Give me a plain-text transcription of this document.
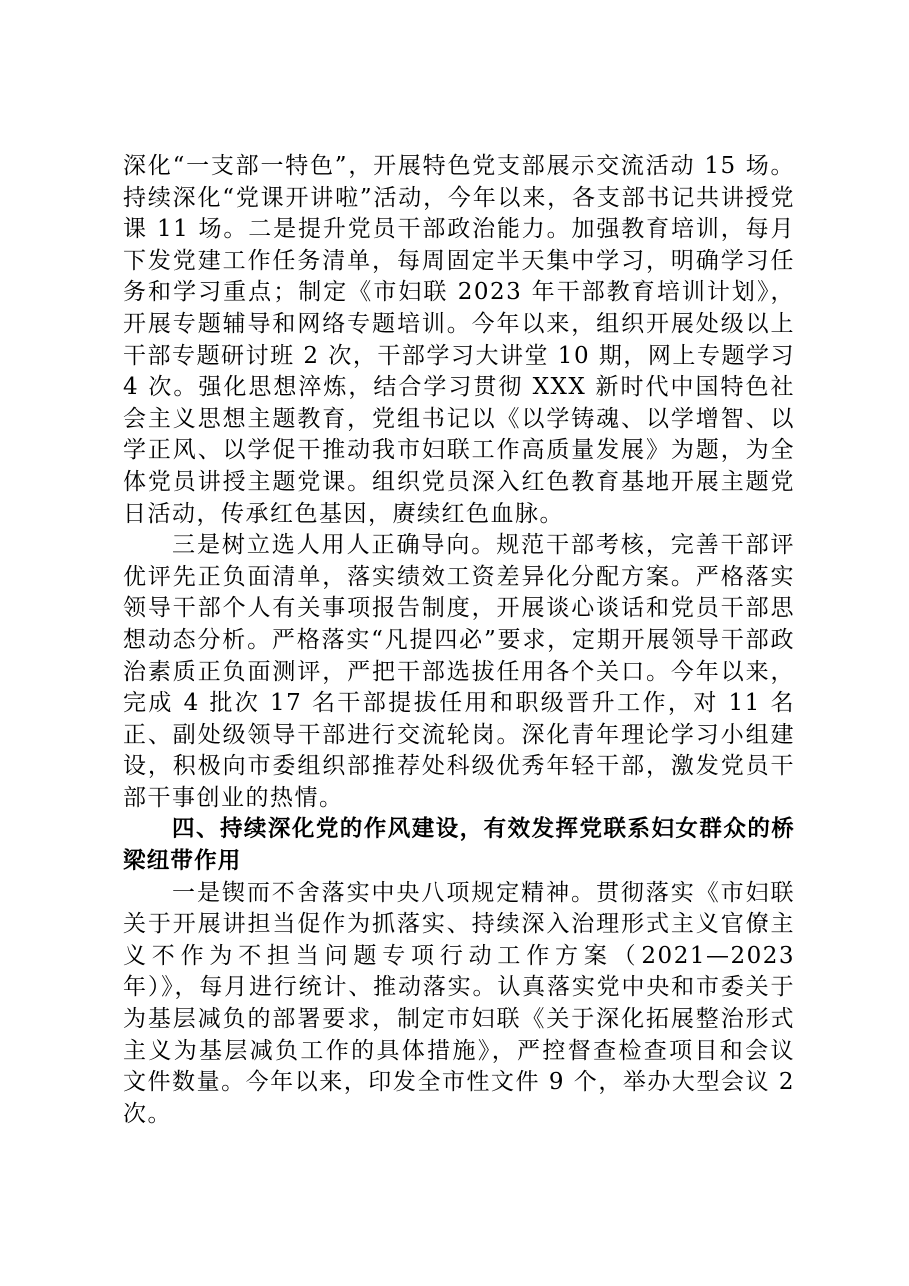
深化“一支部一特色”，开展特色党支部展示交流活动 15 场。持续深化“党课开讲啦”活动，今年以来，各支部书记共讲授党课 11 场。二是提升党员干部政治能力。加强教育培训，每月下发党建工作任务清单，每周固定半天集中学习，明确学习任务和学习重点；制定《市妇联 2023 年干部教育培训计划》，开展专题辅导和网络专题培训。今年以来，组织开展处级以上干部专题研讨班 2 次，干部学习大讲堂 10 期，网上专题学习 4 次。强化思想淬炼，结合学习贯彻 XXX 新时代中国特色社会主义思想主题教育，党组书记以《以学铸魂、以学增智、以学正风、以学促干推动我市妇联工作高质量发展》为题，为全体党员讲授主题党课。组织党员深入红色教育基地开展主题党日活动，传承红色基因，赓续红色血脉。

三是树立选人用人正确导向。规范干部考核，完善干部评优评先正负面清单，落实绩效工资差异化分配方案。严格落实领导干部个人有关事项报告制度，开展谈心谈话和党员干部思想动态分析。严格落实“凡提四必”要求，定期开展领导干部政治素质正负面测评，严把干部选拔任用各个关口。今年以来，完成 4 批次 17 名干部提拔任用和职级晋升工作，对 11 名正、副处级领导干部进行交流轮岗。深化青年理论学习小组建设，积极向市委组织部推荐处科级优秀年轻干部，激发党员干部干事创业的热情。

四、持续深化党的作风建设，有效发挥党联系妇女群众的桥梁纽带作用

一是锲而不舍落实中央八项规定精神。贯彻落实《市妇联关于开展讲担当促作为抓落实、持续深入治理形式主义官僚主义不作为不担当问题专项行动工作方案（2021—2023 年）》，每月进行统计、推动落实。认真落实党中央和市委关于为基层减负的部署要求，制定市妇联《关于深化拓展整治形式主义为基层减负工作的具体措施》，严控督查检查项目和会议文件数量。今年以来，印发全市性文件 9 个，举办大型会议 2 次。
